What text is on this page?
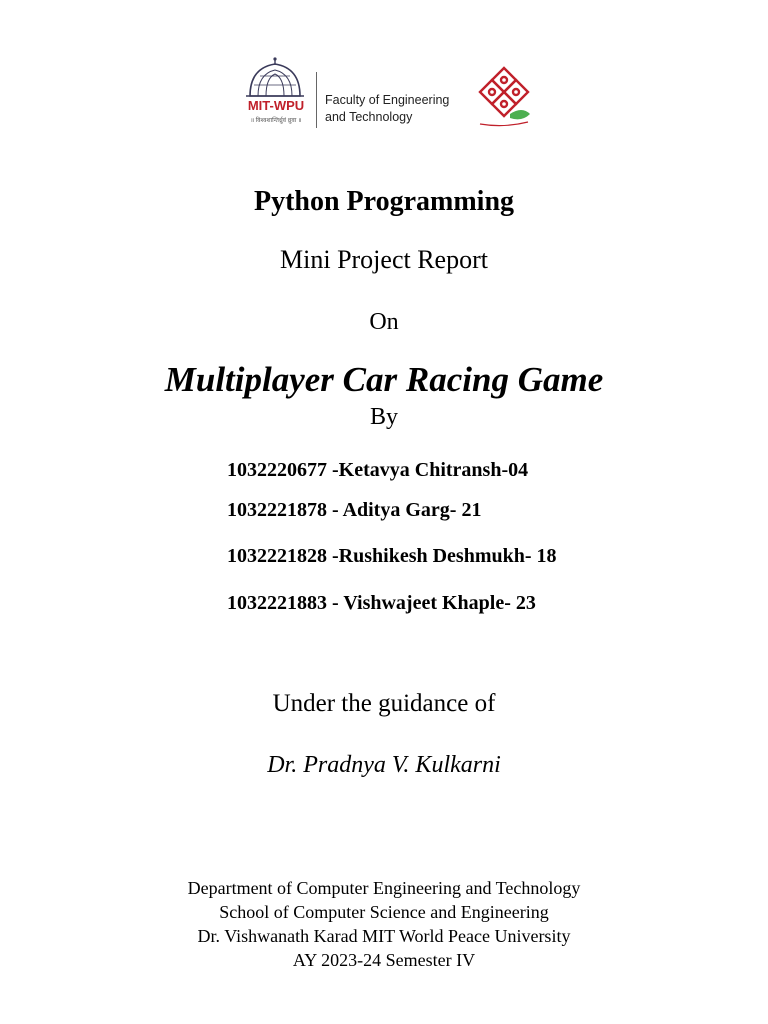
MIT-WPU
॥ विश्वशान्तिर्ध्रुवं ध्रुवा ॥
Faculty of Engineering
and Technology
Python Programming
Mini Project Report
On
Multiplayer Car Racing Game
By
1032220677 -Ketavya Chitransh-04
1032221878 - Aditya Garg- 21
1032221828 -Rushikesh Deshmukh- 18
1032221883 - Vishwajeet Khaple- 23
Under the guidance of
Dr. Pradnya V. Kulkarni
Department of Computer Engineering and Technology
School of Computer Science and Engineering
Dr. Vishwanath Karad MIT World Peace University
AY 2023-24 Semester IV
